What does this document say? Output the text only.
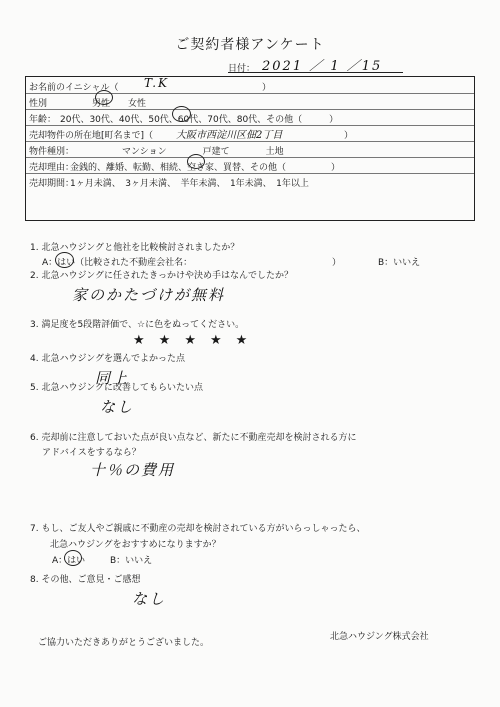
ご契約者様アンケート
日付： 2021 ／ 1 ／15
お名前のイニシャル（ T.K	）
性別	男性　　女性
年齢： 20代、30代、40代、50代、60代、70代、80代、その他（　　　）
売却物件の所在地[町名まで]（ 大阪市西淀川区佃2丁目	）
物件種別：	マンション　　　　戸建て　　　　土地
売却理由：
金銭的、離婚、転勤、相続、空き家、買替、その他（　　　　　）
売却期間：
1ヶ月未満、　3ヶ月未満、　半年未満、　1年未満、　1年以上
1. 北急ハウジングと他社を比較検討されましたか？
A：はい（比較された不動産会社名：	）	B：いいえ
2. 北急ハウジングに任されたきっかけや決め手はなんでしたか？
家のかたづけが無料
3. 満足度を5段階評価で、☆に色をぬってください。
★ ★ ★ ★ ★
4. 北急ハウジングを選んでよかった点
同上
5. 北急ハウジングに改善してもらいたい点
なし
6. 売却前に注意しておいた点が良い点など、新たに不動産売却を検討される方に
アドバイスをするなら？
十％の費用
7. もし、ご友人やご親戚に不動産の売却を検討されている方がいらっしゃったら、
北急ハウジングをおすすめになりますか？
A：はい	B：いいえ
8. その他、ご意見・ご感想
なし
ご協力いただきありがとうございました。
北急ハウジング株式会社
